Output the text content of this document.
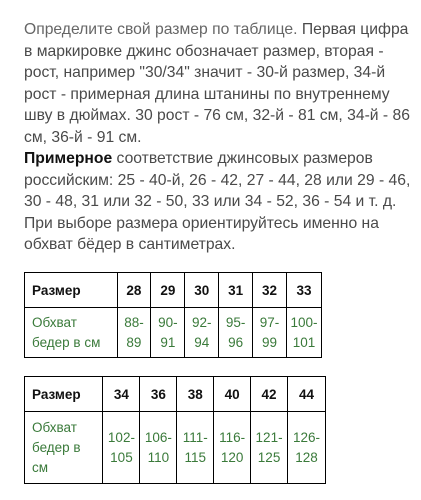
Определите свой размер по таблице. Первая цифра в маркировке джинс обозначает размер, вторая - рост, например "30/34" значит - 30-й размер, 34-й рост - примерная длина штанины по внутреннему шву в дюймах. 30 рост - 76 см, 32-й - 81 см, 34-й - 86 см, 36-й - 91 см.
Примерное соответствие джинсовых размеров российским: 25 - 40-й, 26 - 42, 27 - 44, 28 или 29 - 46, 30 - 48, 31 или 32 - 50, 33 или 34 - 52, 36 - 54 и т. д. При выборе размера ориентируйтесь именно на обхват бёдер в сантиметрах.
Размер	28	29	30	31	32	33
Обхват бедер в см	88-89	90-91	92-94	95-96	97-99	100-101
Размер	34	36	38	40	42	44
Обхват бедер в см	102-105	106-110	111-115	116-120	121-125	126-128
